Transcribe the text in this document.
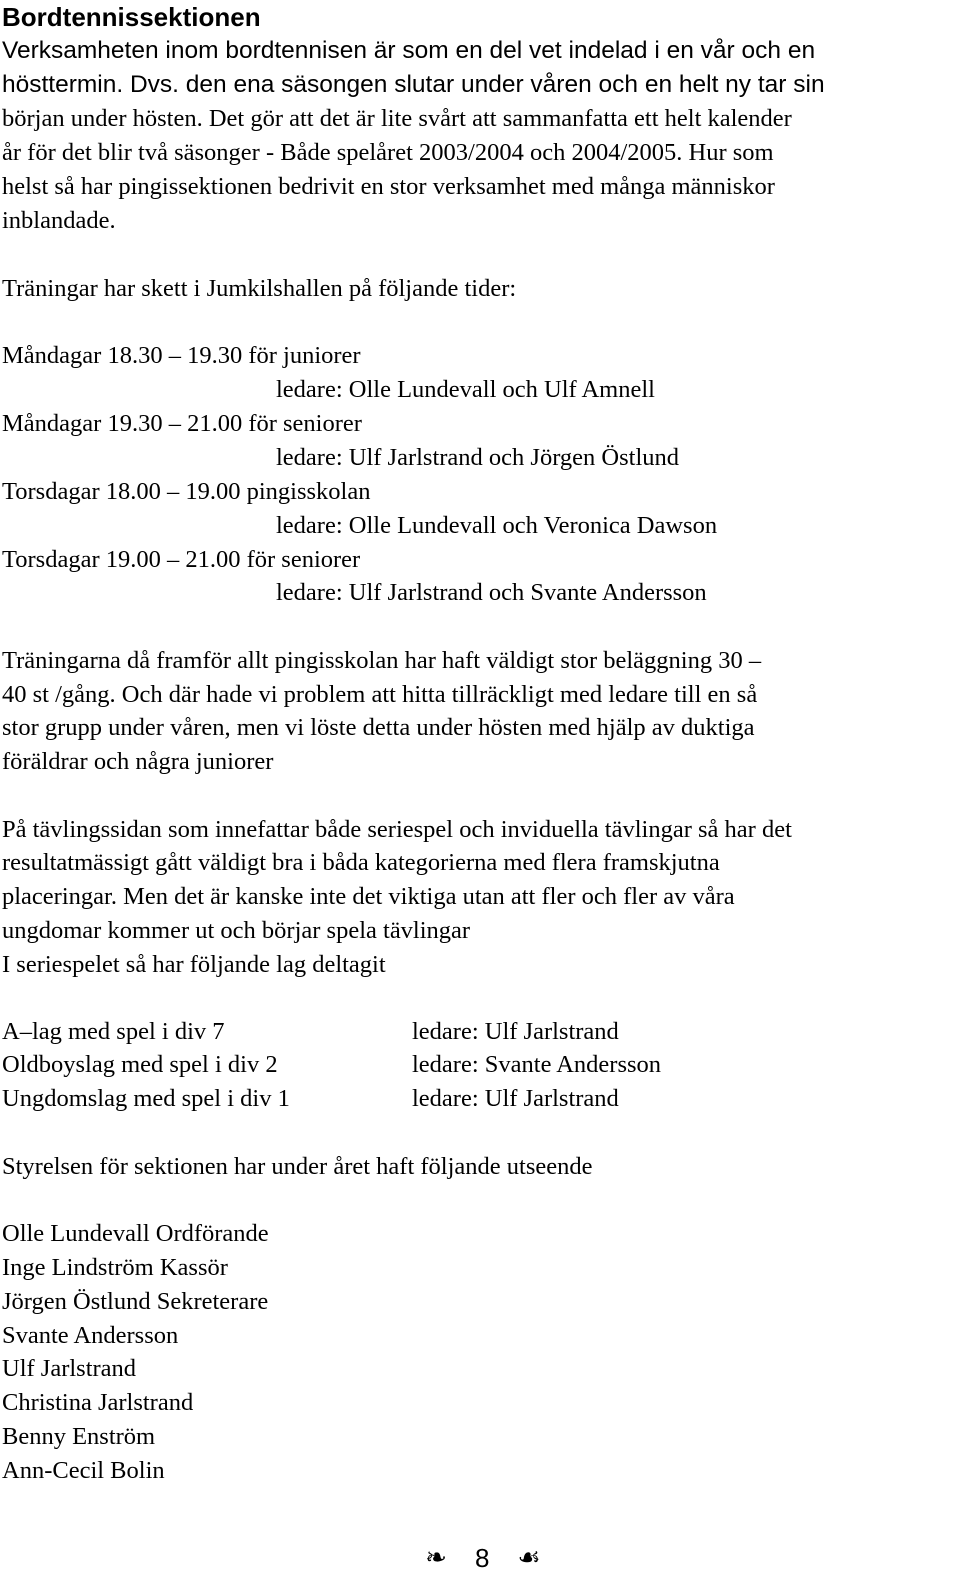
Bordtennissektionen
Verksamheten inom bordtennisen är som en del vet indelad i en vår och en
hösttermin. Dvs. den ena säsongen slutar under våren och en helt ny tar sin
början under hösten. Det gör att det är lite svårt att sammanfatta ett helt kalender
år för det blir två säsonger - Både spelåret 2003/2004 och 2004/2005. Hur som
helst så har pingissektionen bedrivit en stor verksamhet med många människor
inblandade.
Träningar har skett i Jumkilshallen på följande tider:
Måndagar 18.30 – 19.30 för juniorer
ledare: Olle Lundevall och Ulf Amnell
Måndagar 19.30 – 21.00 för seniorer
ledare: Ulf Jarlstrand och Jörgen Östlund
Torsdagar 18.00 – 19.00 pingisskolan
ledare: Olle Lundevall och Veronica Dawson
Torsdagar 19.00 – 21.00 för seniorer
ledare: Ulf Jarlstrand och Svante Andersson
Träningarna då framför allt pingisskolan har haft väldigt stor beläggning 30 –
40 st /gång. Och där hade vi problem att hitta tillräckligt med ledare till en så
stor grupp under våren, men vi löste detta under hösten med hjälp av duktiga
föräldrar och några juniorer
På tävlingssidan som innefattar både seriespel och inviduella tävlingar så har det
resultatmässigt gått väldigt bra i båda kategorierna med flera framskjutna
placeringar. Men det är kanske inte det viktiga utan att fler och fler av våra
ungdomar kommer ut och börjar spela tävlingar
I seriespelet så har följande lag deltagit
A–lag med spel i div 7	ledare: Ulf Jarlstrand
Oldboyslag med spel i div 2	ledare: Svante Andersson
Ungdomslag med spel i div 1	ledare: Ulf Jarlstrand
Styrelsen för sektionen har under året haft följande utseende
Olle Lundevall Ordförande
Inge Lindström Kassör
Jörgen Östlund Sekreterare
Svante Andersson
Ulf Jarlstrand
Christina Jarlstrand
Benny Enström
Ann-Cecil Bolin
❧ 8 ☙
